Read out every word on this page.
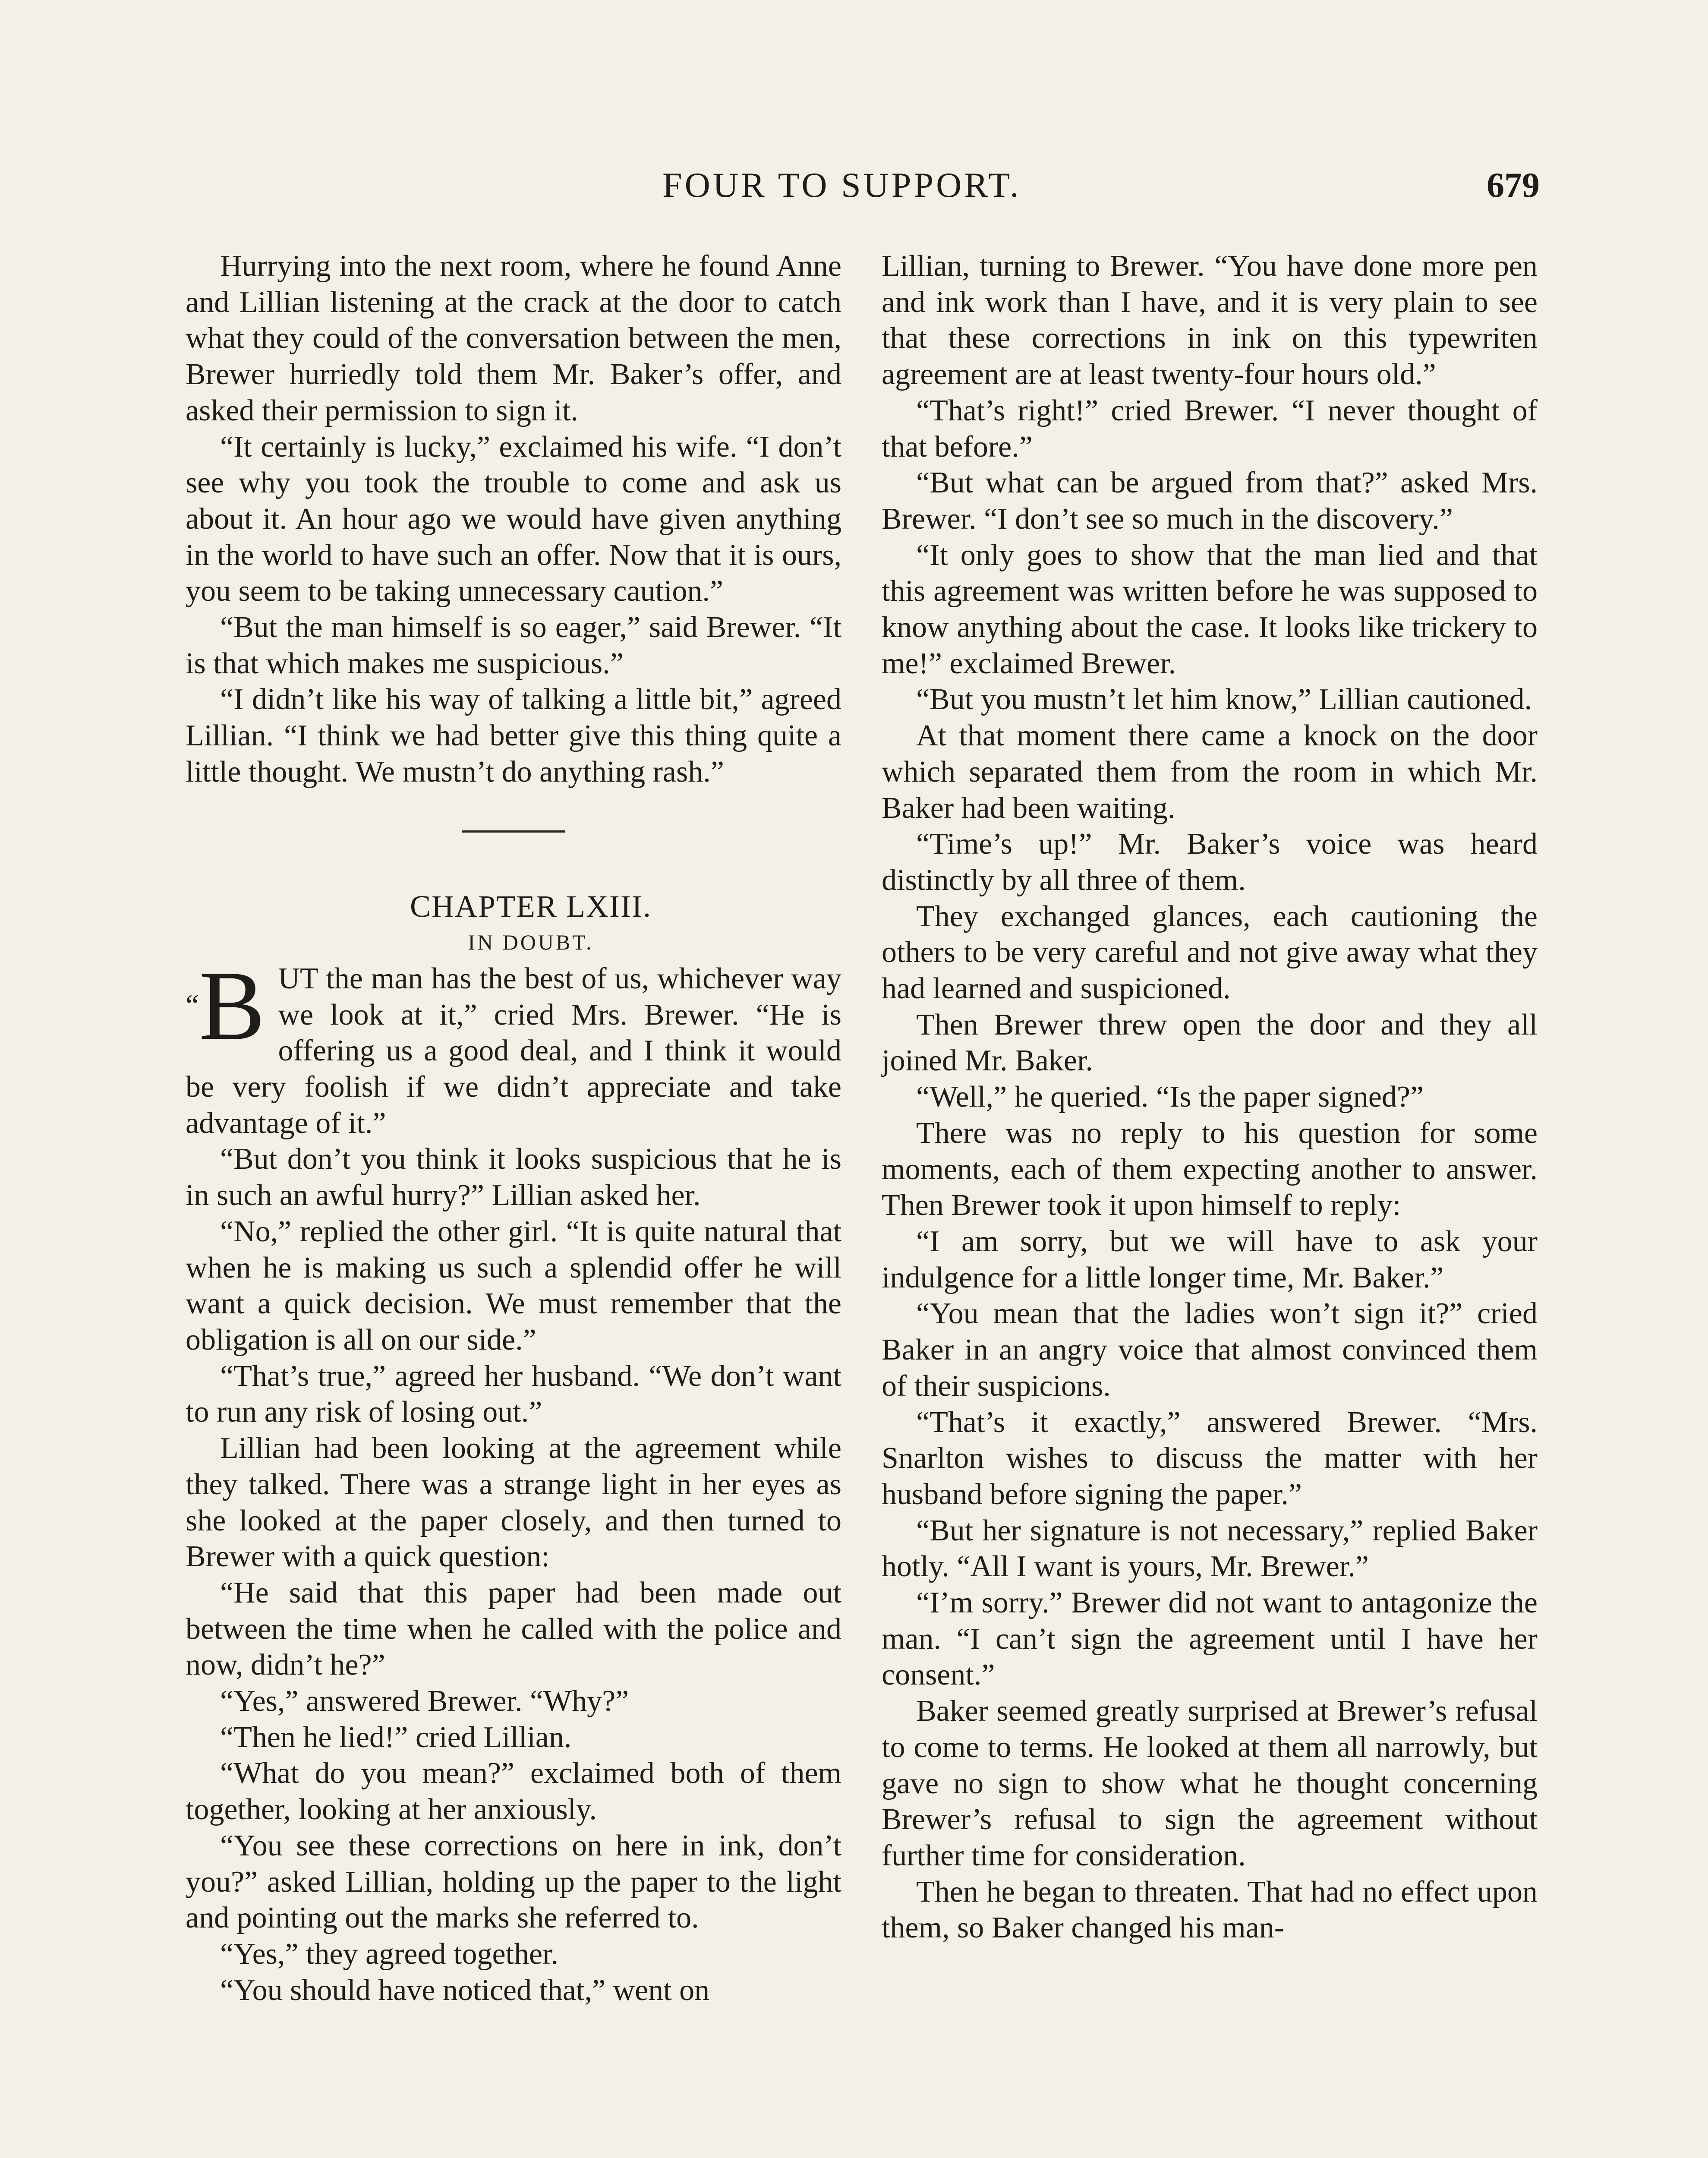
FOUR TO SUPPORT.	679

Hurrying into the next room, where he found Anne and Lillian listening at the crack at the door to catch what they could of the conversation between the men, Brewer hurriedly told them Mr. Baker’s offer, and asked their permission to sign it.

“It certainly is lucky,” exclaimed his wife. “I don’t see why you took the trouble to come and ask us about it. An hour ago we would have given anything in the world to have such an offer. Now that it is ours, you seem to be taking unnecessary caution.”

“But the man himself is so eager,” said Brewer. “It is that which makes me suspicious.”

“I didn’t like his way of talking a little bit,” agreed Lillian. “I think we had better give this thing quite a little thought. We mustn’t do anything rash.”

CHAPTER LXIII.

IN DOUBT.

“B UT the man has the best of us, whichever way we look at it,” cried Mrs. Brewer. “He is offering us a good deal, and I think it would be very foolish if we didn’t appreciate and take advantage of it.”

“But don’t you think it looks suspicious that he is in such an awful hurry?” Lillian asked her.

“No,” replied the other girl. “It is quite natural that when he is making us such a splendid offer he will want a quick decision. We must remember that the obligation is all on our side.”

“That’s true,” agreed her husband. “We don’t want to run any risk of losing out.”

Lillian had been looking at the agreement while they talked. There was a strange light in her eyes as she looked at the paper closely, and then turned to Brewer with a quick question:

“He said that this paper had been made out between the time when he called with the police and now, didn’t he?”

“Yes,” answered Brewer. “Why?”

“Then he lied!” cried Lillian.

“What do you mean?” exclaimed both of them together, looking at her anxiously.

“You see these corrections on here in ink, don’t you?” asked Lillian, holding up the paper to the light and pointing out the marks she referred to.

“Yes,” they agreed together.

“You should have noticed that,” went on

Lillian, turning to Brewer. “You have done more pen and ink work than I have, and it is very plain to see that these corrections in ink on this typewriten agreement are at least twenty-four hours old.”

“That’s right!” cried Brewer. “I never thought of that before.”

“But what can be argued from that?” asked Mrs. Brewer. “I don’t see so much in the discovery.”

“It only goes to show that the man lied and that this agreement was written before he was supposed to know anything about the case. It looks like trickery to me!” exclaimed Brewer.

“But you mustn’t let him know,” Lillian cautioned.

At that moment there came a knock on the door which separated them from the room in which Mr. Baker had been waiting.

“Time’s up!” Mr. Baker’s voice was heard distinctly by all three of them.

They exchanged glances, each cautioning the others to be very careful and not give away what they had learned and suspicioned.

Then Brewer threw open the door and they all joined Mr. Baker.

“Well,” he queried. “Is the paper signed?”

There was no reply to his question for some moments, each of them expecting another to answer. Then Brewer took it upon himself to reply:

“I am sorry, but we will have to ask your indulgence for a little longer time, Mr. Baker.”

“You mean that the ladies won’t sign it?” cried Baker in an angry voice that almost convinced them of their suspicions.

“That’s it exactly,” answered Brewer. “Mrs. Snarlton wishes to discuss the matter with her husband before signing the paper.”

“But her signature is not necessary,” replied Baker hotly. “All I want is yours, Mr. Brewer.”

“I’m sorry.” Brewer did not want to antagonize the man. “I can’t sign the agreement until I have her consent.”

Baker seemed greatly surprised at Brewer’s refusal to come to terms. He looked at them all narrowly, but gave no sign to show what he thought concerning Brewer’s refusal to sign the agreement without further time for consideration.

Then he began to threaten. That had no effect upon them, so Baker changed his man-
